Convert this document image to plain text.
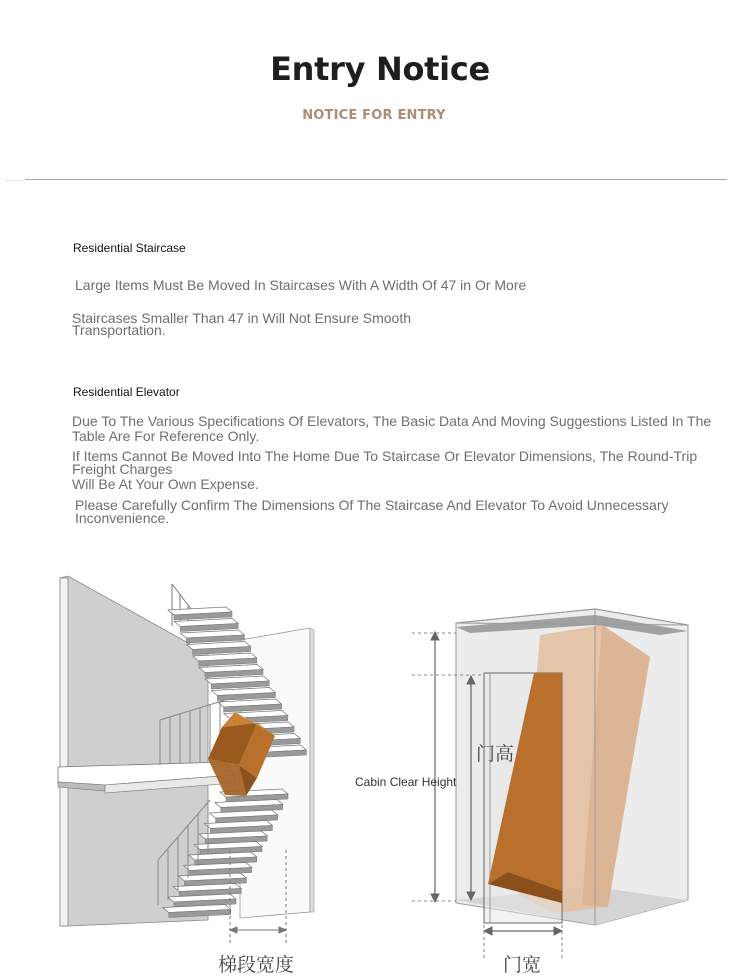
Entry Notice
NOTICE FOR ENTRY
Residential Staircase
Large Items Must Be Moved In Staircases With A Width Of 47 in Or More
Staircases Smaller Than 47 in Will Not Ensure Smooth
Transportation.
Residential Elevator
Due To The Various Specifications Of Elevators, The Basic Data And Moving Suggestions Listed In The
Table Are For Reference Only.
If Items Cannot Be Moved Into The Home Due To Staircase Or Elevator Dimensions, The Round-Trip Freight Charges
Will Be At Your Own Expense.
Please Carefully Confirm The Dimensions Of The Staircase And Elevator To Avoid Unnecessary Inconvenience.
梯段宽度
Cabin Clear Height
门高
门宽
